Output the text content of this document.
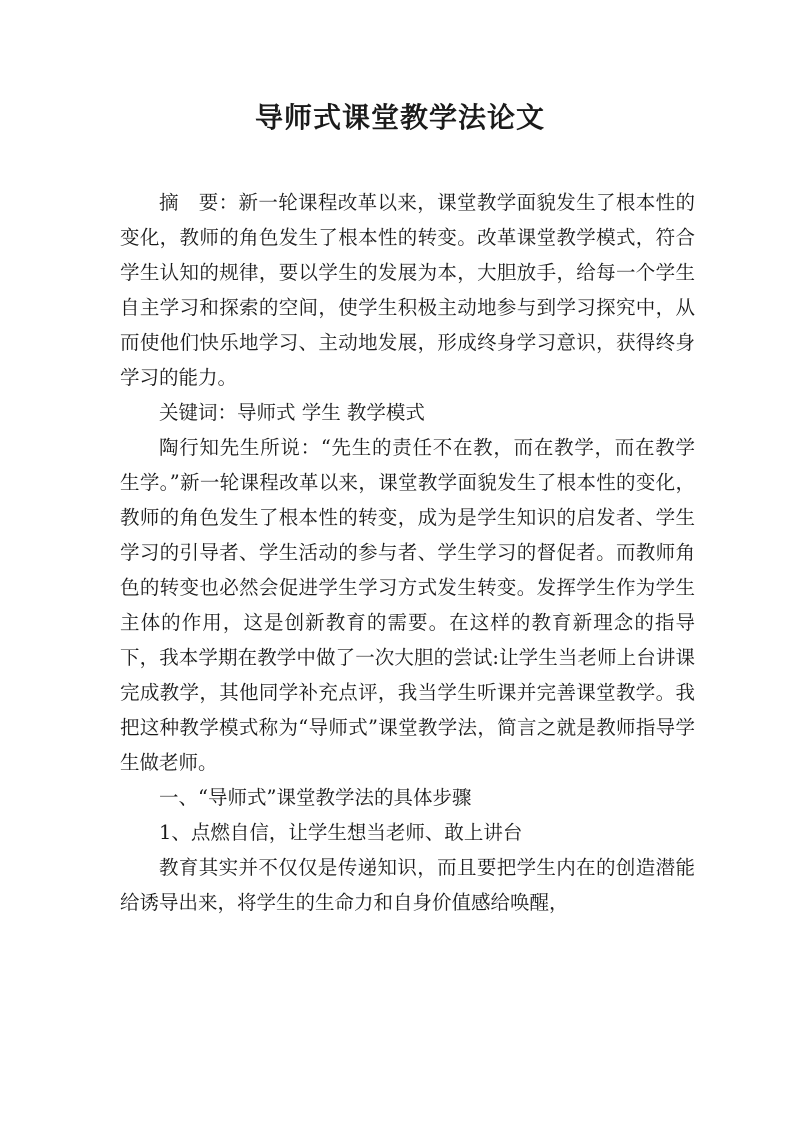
导师式课堂教学法论文

摘　要：新一轮课程改革以来，课堂教学面貌发生了根本性的变化，教师的角色发生了根本性的转变。改革课堂教学模式，符合学生认知的规律，要以学生的发展为本，大胆放手，给每一个学生自主学习和探索的空间，使学生积极主动地参与到学习探究中，从而使他们快乐地学习、主动地发展，形成终身学习意识，获得终身学习的能力。

关键词：导师式 学生 教学模式

陶行知先生所说：“先生的责任不在教，而在教学，而在教学生学。”新一轮课程改革以来，课堂教学面貌发生了根本性的变化，教师的角色发生了根本性的转变，成为是学生知识的启发者、学生学习的引导者、学生活动的参与者、学生学习的督促者。而教师角色的转变也必然会促进学生学习方式发生转变。发挥学生作为学生主体的作用，这是创新教育的需要。在这样的教育新理念的指导下，我本学期在教学中做了一次大胆的尝试:让学生当老师上台讲课完成教学，其他同学补充点评，我当学生听课并完善课堂教学。我把这种教学模式称为“导师式”课堂教学法，简言之就是教师指导学生做老师。

一、“导师式”课堂教学法的具体步骤

1、点燃自信，让学生想当老师、敢上讲台

教育其实并不仅仅是传递知识，而且要把学生内在的创造潜能给诱导出来，将学生的生命力和自身价值感给唤醒，
